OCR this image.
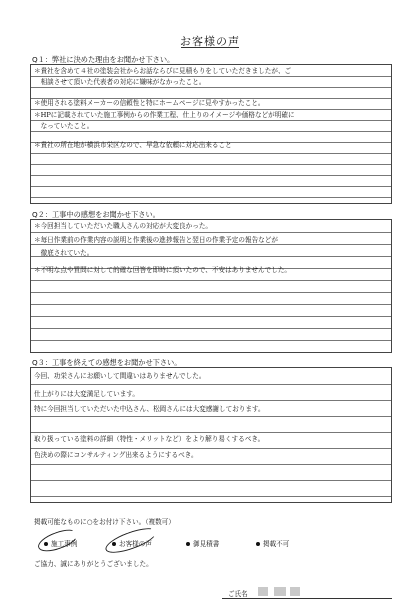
お客様の声
Q１：弊社に決めた理由をお聞かせ下さい。
＊貴社を含めて４社の塗装会社からお話ならびに見積もりをしていただきましたが、ご
　相談させて頂いた代表者の対応に嫌味がなかったこと。
＊使用される塗料メーカーの信頼性と特にホームページに見やすかったこと。
＊HPに記載されていた施工事例からの作業工程、仕上りのイメージや価格などが明確に
　なっていたこと。
＊貴社の所在地が横浜市栄区なので、早急な依頼に対応出来ること
Q２：工事中の感想をお聞かせ下さい。
＊今回担当していただいた職人さんの対応が大変良かった。
＊毎日作業前の作業内容の説明と作業後の進捗報告と翌日の作業予定の報告などが
　徹底されていた。
＊不明な点や質問に対して的確な回答を即時に頂いたので、不安はありませんでした。
Q３：工事を終えての感想をお聞かせ下さい。
今回、功栄さんにお願いして間違いはありませんでした。
仕上がりには大変満足しています。
特に今回担当していただいた中込さん、松岡さんには大変感謝しております。
取り扱っている塗料の詳細（特性・メリットなど）をより解り易くするべき。
色決めの際にコンサルティング出来るようにするべき。
掲載可能なものに○をお付け下さい。（複数可）
施工事例	お客様の声	御見積書	掲載不可
ご協力、誠にありがとうございました。
ご氏名
